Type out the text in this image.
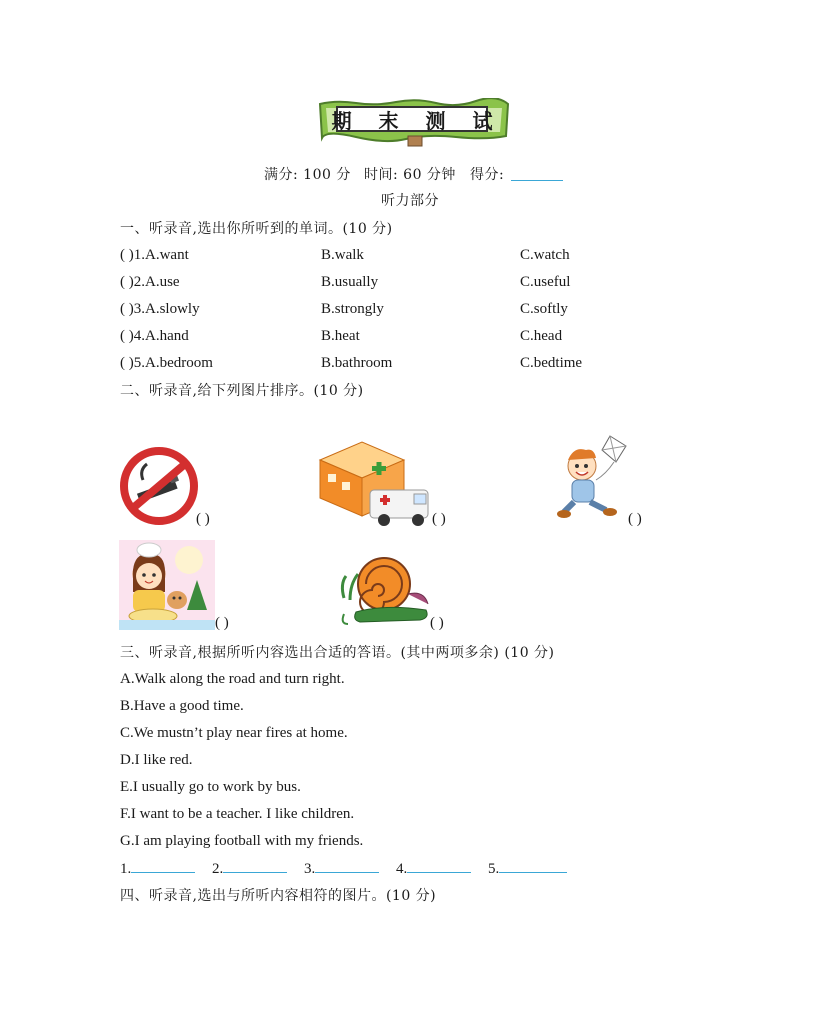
期 末 测 试
满分: 100 分 时间: 60 分钟 得分:
听力部分
一、听录音,选出你所听到的单词。(10 分)
( )1.A.want	B.walk	C.watch
( )2.A.use	B.usually	C.useful
( )3.A.slowly	B.strongly	C.softly
( )4.A.hand	B.heat	C.head
( )5.A.bedroom	B.bathroom	C.bedtime
二、听录音,给下列图片排序。(10 分)
( )	( )	( )
( )	( )
三、听录音,根据所听内容选出合适的答语。(其中两项多余) (10 分)
A.Walk along the road and turn right.
B.Have a good time.
C.We mustn’t play near fires at home.
D.I like red.
E.I usually go to work by bus.
F.I want to be a teacher. I like children.
G.I am playing football with my friends.
1.	2.	3.	4.	5.
四、听录音,选出与所听内容相符的图片。(10 分)
